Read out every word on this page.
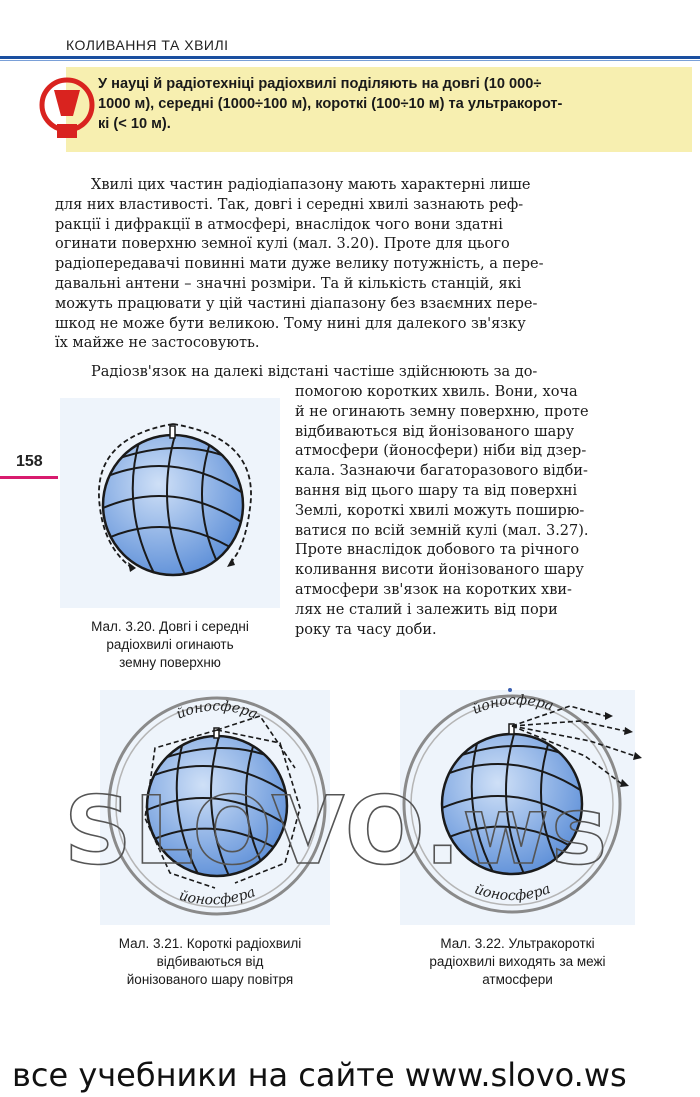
КОЛИВАННЯ ТА ХВИЛІ
У науці й радіотехніці радіохвилі поділяють на довгі (10 000÷
1000 м), середні (1000÷100 м), короткі (100÷10 м) та ультракорот-
кі (< 10 м).
Хвилі цих частин радіодіапазону мають характерні лише
для них властивості. Так, довгі і середні хвилі зазнають реф-
ракції і дифракції в атмосфері, внаслідок чого вони здатні
огинати поверхню земної кулі (мал. 3.20). Проте для цього
радіопередавачі повинні мати дуже велику потужність, а пере-
давальні антени – значні розміри. Та й кількість станцій, які
можуть працювати у цій частині діапазону без взаємних пере-
шкод не може бути великою. Тому нині для далекого зв'язку
їх майже не застосовують.
Радіозв'язок на далекі відстані частіше здійснюють за до-
помогою коротких хвиль. Вони, хоча
й не огинають земну поверхню, проте
відбиваються від йонізованого шару
атмосфери (йоносфери) ніби від дзер-
кала. Зазнаючи багаторазового відби-
вання від цього шару та від поверхні
Землі, короткі хвилі можуть поширю-
ватися по всій земній кулі (мал. 3.27).
Проте внаслідок добового та річного
коливання висоти йонізованого шару
атмосфери зв'язок на коротких хви-
лях не сталий і залежить від пори
року та часу доби.
158
Мал. 3.20. Довгі і середні
радіохвилі огинають
земну поверхню
йоносфера
йоносфера
Мал. 3.21. Короткі радіохвилі
відбиваються від
йонізованого шару повітря
йоносфера
йоносфера
Мал. 3.22. Ультракороткі
радіохвилі виходять за межі
атмосфери
SLOVO.ws
все учебники на сайте www.slovo.ws
